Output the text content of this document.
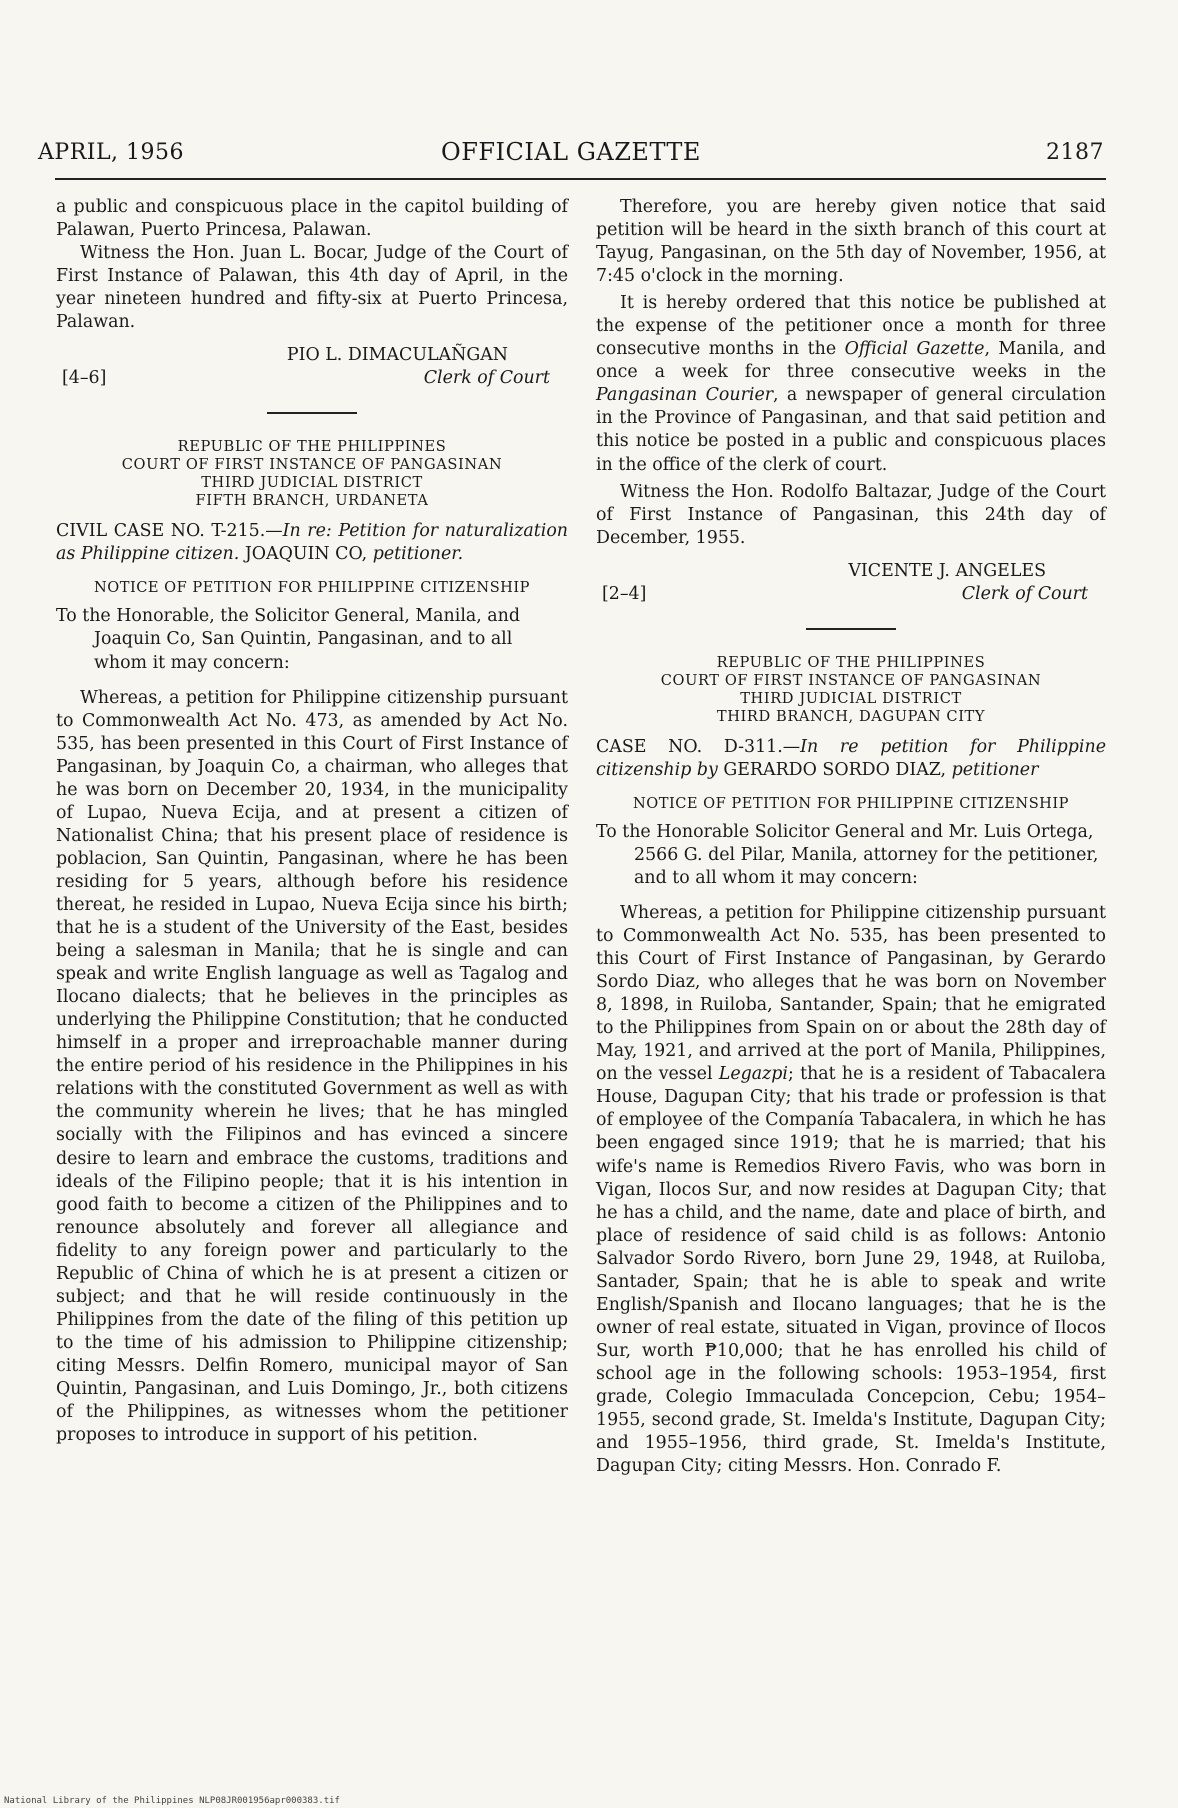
APRIL, 1956	OFFICIAL GAZETTE	2187

a public and conspicuous place in the capitol building of Palawan, Puerto Princesa, Palawan.

Witness the Hon. Juan L. Bocar, Judge of the Court of First Instance of Palawan, this 4th day of April, in the year nineteen hundred and fifty-six at Puerto Princesa, Palawan.

PIO L. DIMACULAÑGAN
Clerk of Court
[4–6]
REPUBLIC OF THE PHILIPPINES
COURT OF FIRST INSTANCE OF PANGASINAN
THIRD JUDICIAL DISTRICT
FIFTH BRANCH, URDANETA

CIVIL CASE NO. T-215.—In re: Petition for naturalization as Philippine citizen. JOAQUIN CO, petitioner.

NOTICE OF PETITION FOR PHILIPPINE CITIZENSHIP

To the Honorable, the Solicitor General, Manila, and Joaquin Co, San Quintin, Pangasinan, and to all whom it may concern:

Whereas, a petition for Philippine citizenship pursuant to Commonwealth Act No. 473, as amended by Act No. 535, has been presented in this Court of First Instance of Pangasinan, by Joaquin Co, a chairman, who alleges that he was born on December 20, 1934, in the municipality of Lupao, Nueva Ecija, and at present a citizen of Nationalist China; that his present place of residence is poblacion, San Quintin, Pangasinan, where he has been residing for 5 years, although before his residence thereat, he resided in Lupao, Nueva Ecija since his birth; that he is a student of the University of the East, besides being a salesman in Manila; that he is single and can speak and write English language as well as Tagalog and Ilocano dialects; that he believes in the principles as underlying the Philippine Constitution; that he conducted himself in a proper and irreproachable manner during the entire period of his residence in the Philippines in his relations with the constituted Government as well as with the community wherein he lives; that he has mingled socially with the Filipinos and has evinced a sincere desire to learn and embrace the customs, traditions and ideals of the Filipino people; that it is his intention in good faith to become a citizen of the Philippines and to renounce absolutely and forever all allegiance and fidelity to any foreign power and particularly to the Republic of China of which he is at present a citizen or subject; and that he will reside continuously in the Philippines from the date of the filing of this petition up to the time of his admission to Philippine citizenship; citing Messrs. Delfin Romero, municipal mayor of San Quintin, Pangasinan, and Luis Domingo, Jr., both citizens of the Philippines, as witnesses whom the petitioner proposes to introduce in support of his petition.

Therefore, you are hereby given notice that said petition will be heard in the sixth branch of this court at Tayug, Pangasinan, on the 5th day of November, 1956, at 7:45 o'clock in the morning.

It is hereby ordered that this notice be published at the expense of the petitioner once a month for three consecutive months in the Official Gazette, Manila, and once a week for three consecutive weeks in the Pangasinan Courier, a newspaper of general circulation in the Province of Pangasinan, and that said petition and this notice be posted in a public and conspicuous places in the office of the clerk of court.

Witness the Hon. Rodolfo Baltazar, Judge of the Court of First Instance of Pangasinan, this 24th day of December, 1955.

VICENTE J. ANGELES
Clerk of Court
[2–4]
REPUBLIC OF THE PHILIPPINES
COURT OF FIRST INSTANCE OF PANGASINAN
THIRD JUDICIAL DISTRICT
THIRD BRANCH, DAGUPAN CITY

CASE NO. D-311.—In re petition for Philippine citizenship by GERARDO SORDO DIAZ, petitioner

NOTICE OF PETITION FOR PHILIPPINE CITIZENSHIP

To the Honorable Solicitor General and Mr. Luis Ortega, 2566 G. del Pilar, Manila, attorney for the petitioner, and to all whom it may concern:

Whereas, a petition for Philippine citizenship pursuant to Commonwealth Act No. 535, has been presented to this Court of First Instance of Pangasinan, by Gerardo Sordo Diaz, who alleges that he was born on November 8, 1898, in Ruiloba, Santander, Spain; that he emigrated to the Philippines from Spain on or about the 28th day of May, 1921, and arrived at the port of Manila, Philippines, on the vessel Legazpi; that he is a resident of Tabacalera House, Dagupan City; that his trade or profession is that of employee of the Companía Tabacalera, in which he has been engaged since 1919; that he is married; that his wife's name is Remedios Rivero Favis, who was born in Vigan, Ilocos Sur, and now resides at Dagupan City; that he has a child, and the name, date and place of birth, and place of residence of said child is as follows: Antonio Salvador Sordo Rivero, born June 29, 1948, at Ruiloba, Santader, Spain; that he is able to speak and write English/Spanish and Ilocano languages; that he is the owner of real estate, situated in Vigan, province of Ilocos Sur, worth ₱10,000; that he has enrolled his child of school age in the following schools: 1953–1954, first grade, Colegio Immaculada Concepcion, Cebu; 1954–1955, second grade, St. Imelda's Institute, Dagupan City; and 1955–1956, third grade, St. Imelda's Institute, Dagupan City; citing Messrs. Hon. Conrado F.

National Library of the Philippines NLP08JR001956apr000383.tif
